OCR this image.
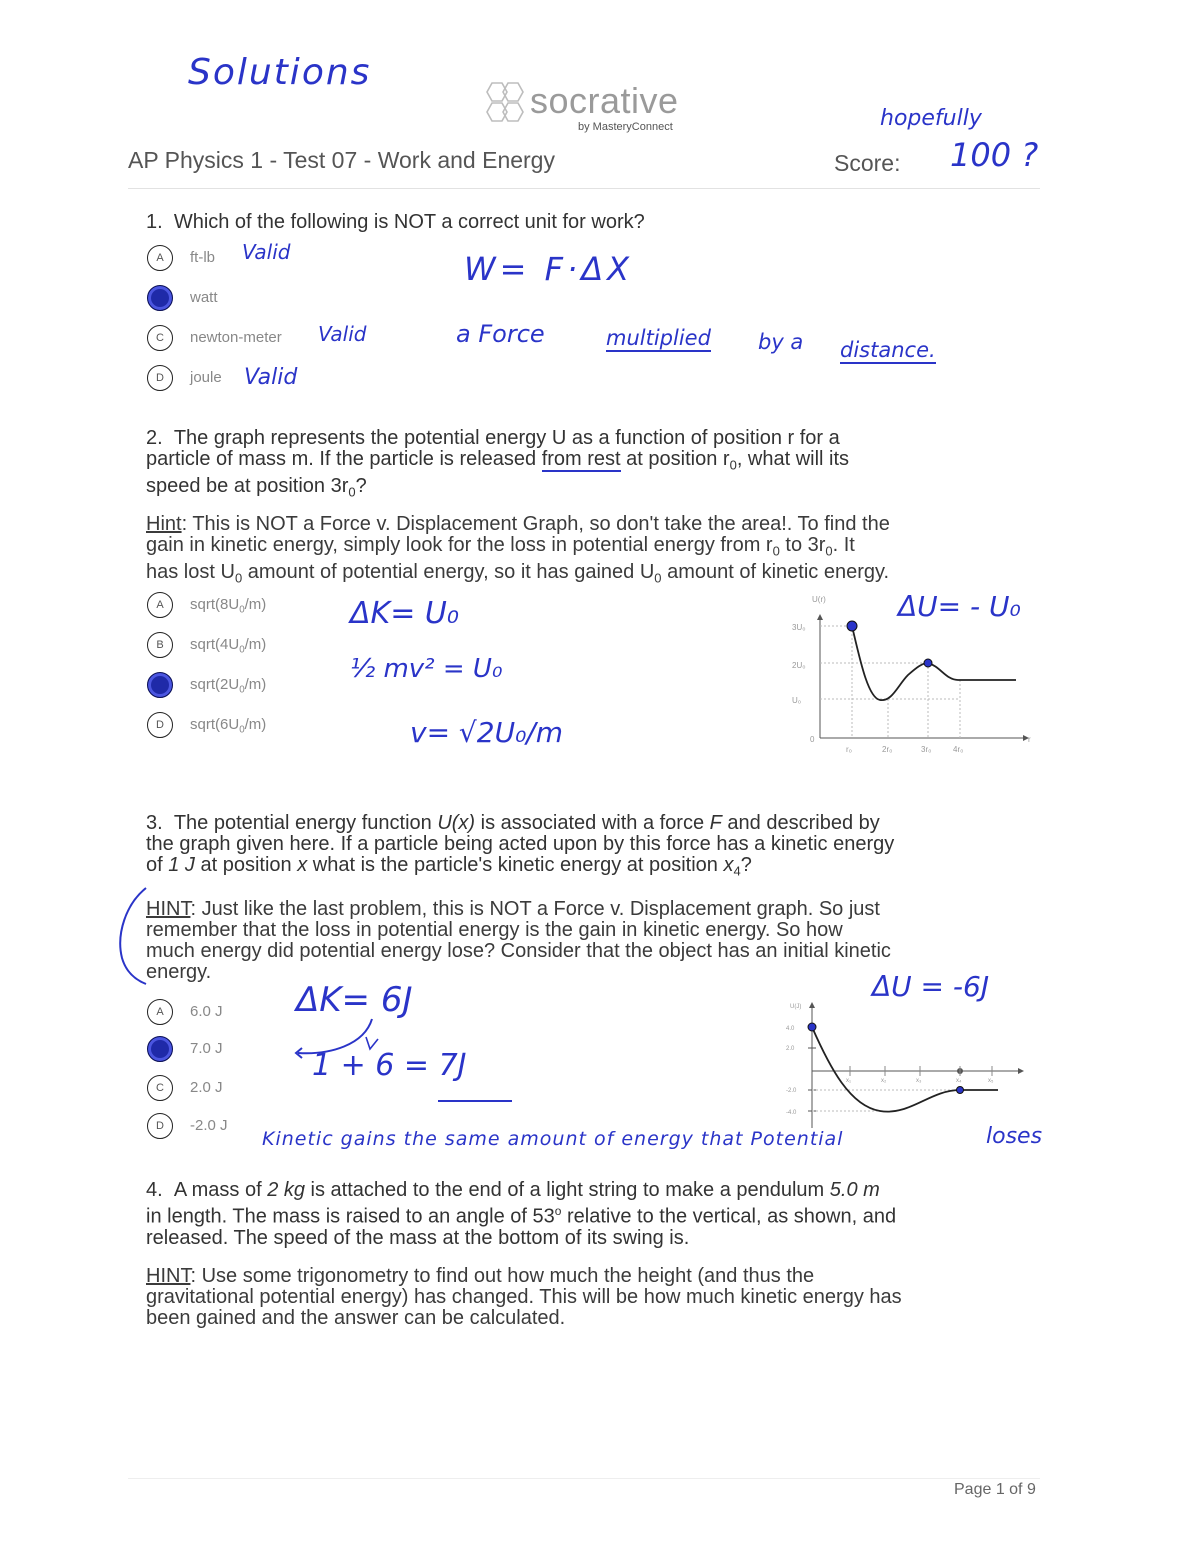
Solutions
socrative
by MasteryConnect	hopefully
AP Physics 1 - Test 07 - Work and Energy	Score: 100 ?
1. Which of the following is NOT a correct unit for work?
A	ft-lb Valid
watt
C	newton-meter Valid
D	joule Valid
W= F·ΔX
a Force	multiplied by a distance.
2. The graph represents the potential energy U as a function of position r for a
particle of mass m. If the particle is released from rest at position $r_0$, what will its
speed be at position $3r_0$?
Hint: This is NOT a Force v. Displacement Graph, so don't take the area!. To find the
gain in kinetic energy, simply look for the loss in potential energy from $r_0$ to $3r_0$. It
has lost $U_0$ amount of potential energy, so it has gained $U_0$ amount of kinetic energy.
A	$sqrt(8U_0/m)$
B	$sqrt(4U_0/m)$
$sqrt(2U_0/m)$
D	$sqrt(6U_0/m)$
ΔK= U₀
½ mv² = U₀
v= √2U₀/m
ΔU= - U₀
U(r)
3U₀
2U₀
U₀
0
r₀	2r₀	3r₀	4r₀
r
3. The potential energy function U(x) is associated with a force F and described by
the graph given here. If a particle being acted upon by this force has a kinetic energy
of 1 J at position x what is the particle's kinetic energy at position $x_4$?
HINT: Just like the last problem, this is NOT a Force v. Displacement graph. So just
remember that the loss in potential energy is the gain in kinetic energy. So how
much energy did potential energy lose? Consider that the object has an initial kinetic
energy.
A	6.0 J
7.0 J
C	2.0 J
D	-2.0 J
ΔK= 6J
1 + 6 = 7J
ΔU = -6J
U(J)
4.0
2.0
-2.0
-4.0
x₁	x₂	x₃	x₄	x₅
Kinetic gains the same amount of energy that Potential	loses
4. A mass of 2 kg is attached to the end of a light string to make a pendulum 5.0 m
in length. The mass is raised to an angle of 53$^o$ relative to the vertical, as shown, and
released. The speed of the mass at the bottom of its swing is.
HINT: Use some trigonometry to find out how much the height (and thus the
gravitational potential energy) has changed. This will be how much kinetic energy has
been gained and the answer can be calculated.
Page 1 of 9
